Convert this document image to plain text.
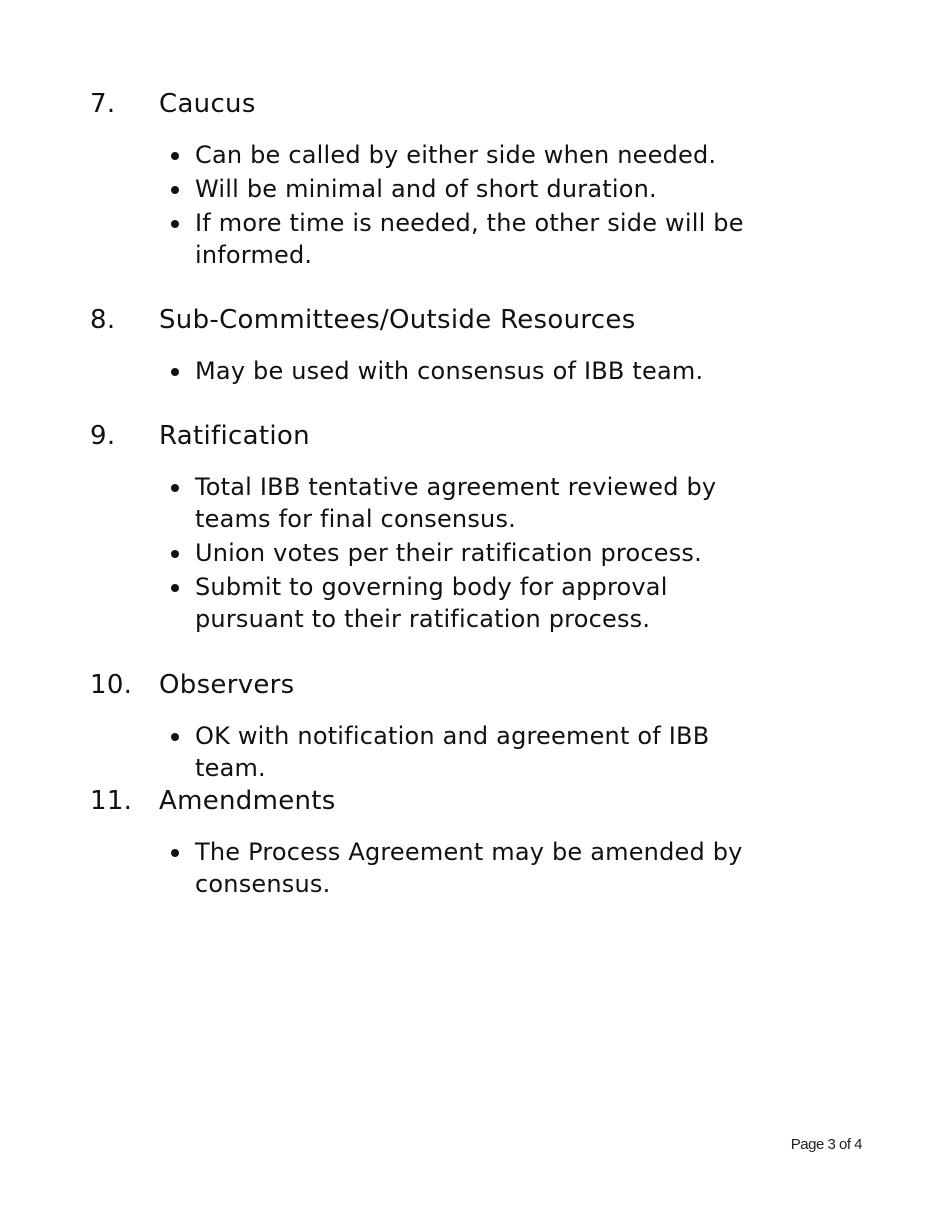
7. Caucus
Can be called by either side when needed.
Will be minimal and of short duration.
If more time is needed, the other side will be informed.
8. Sub-Committees/Outside Resources
May be used with consensus of IBB team.
9. Ratification
Total IBB tentative agreement reviewed by teams for final consensus.
Union votes per their ratification process.
Submit to governing body for approval pursuant to their ratification process.
10. Observers
OK with notification and agreement of IBB team.
11. Amendments
The Process Agreement may be amended by consensus.
Page 3 of 4
